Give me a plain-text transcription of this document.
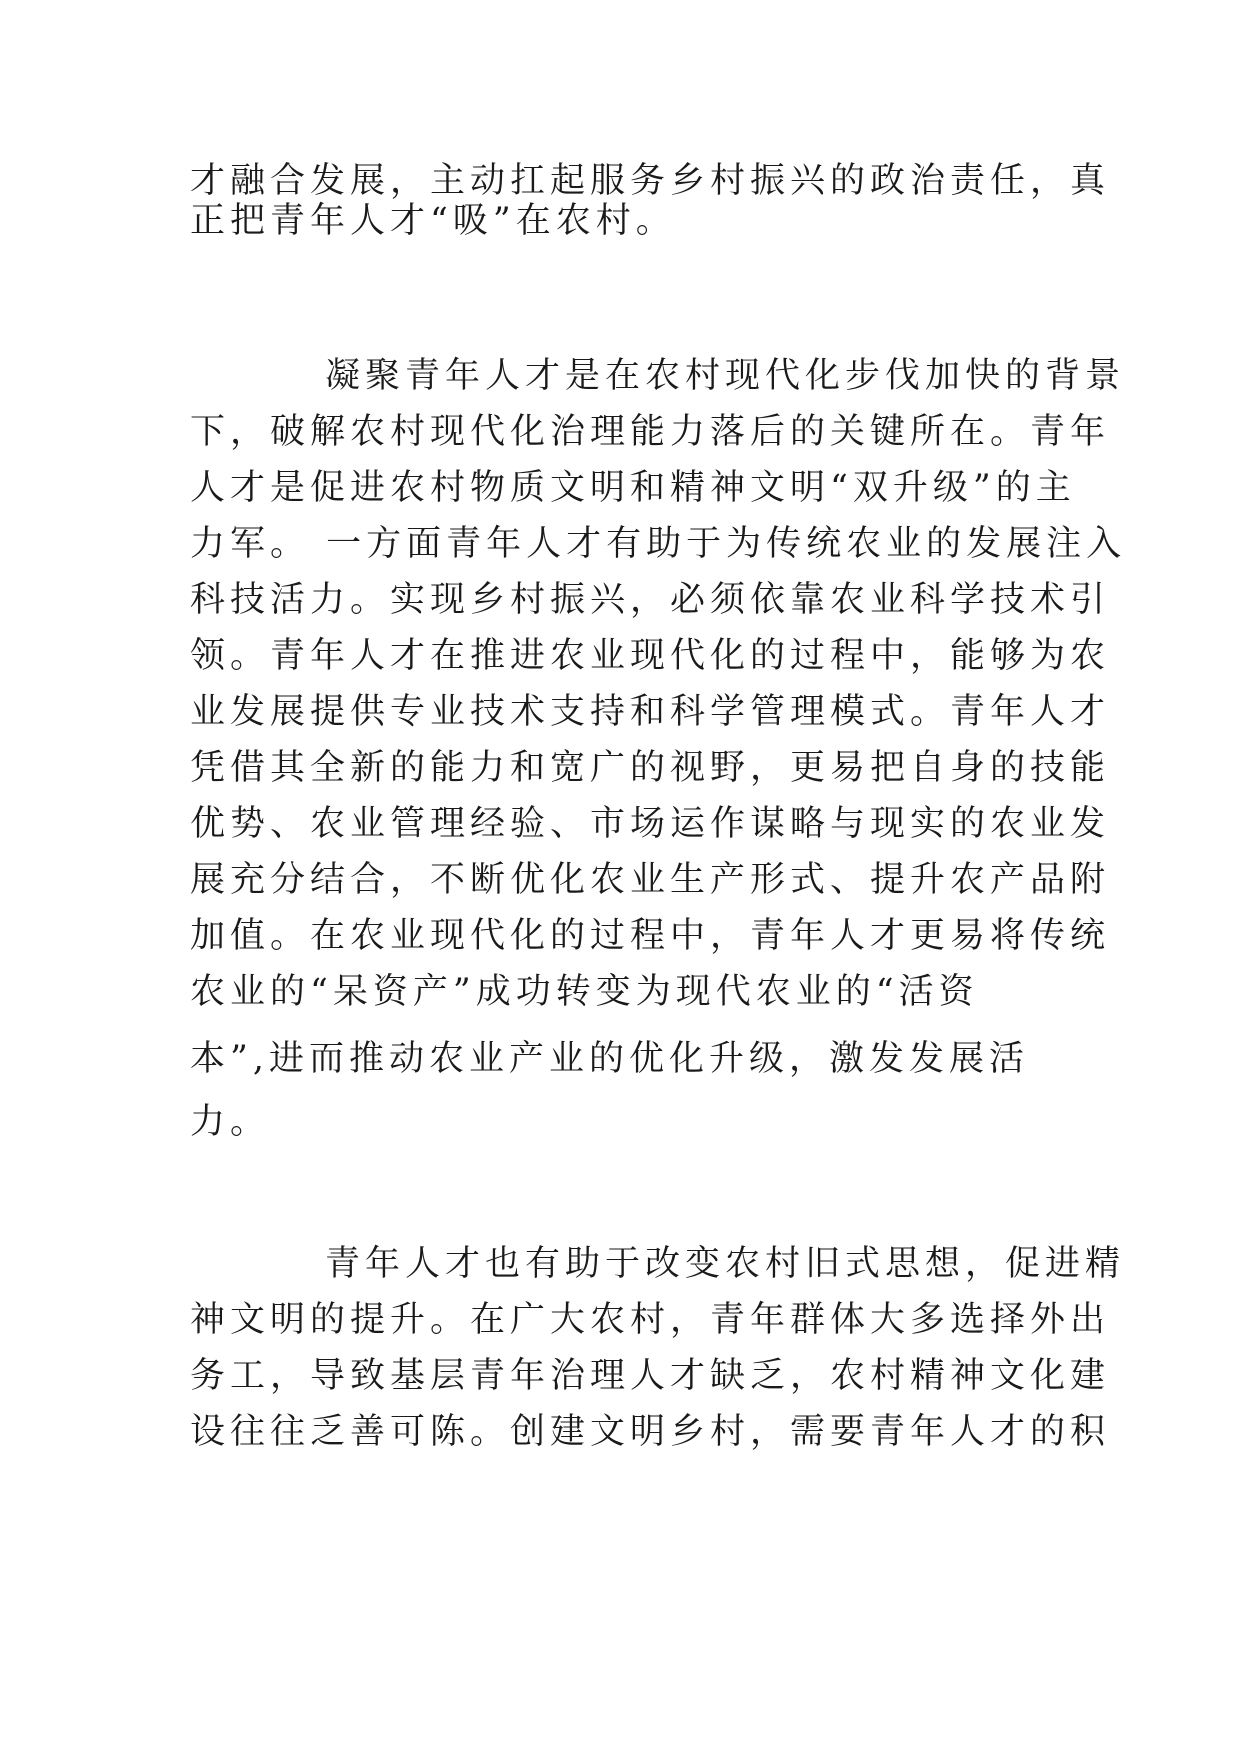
才融合发展，主动扛起服务乡村振兴的政治责任，真

正把青年人才“吸”在农村。

凝聚青年人才是在农村现代化步伐加快的背景

下，破解农村现代化治理能力落后的关键所在。青年

人才是促进农村物质文明和精神文明“双升级”的主

力军。 一方面青年人才有助于为传统农业的发展注入

科技活力。实现乡村振兴，必须依靠农业科学技术引

领。青年人才在推进农业现代化的过程中，能够为农

业发展提供专业技术支持和科学管理模式。青年人才

凭借其全新的能力和宽广的视野，更易把自身的技能

优势、农业管理经验、市场运作谋略与现实的农业发

展充分结合，不断优化农业生产形式、提升农产品附

加值。在农业现代化的过程中，青年人才更易将传统

农业的“呆资产”成功转变为现代农业的“活资

本”,进而推动农业产业的优化升级，激发发展活

力。

青年人才也有助于改变农村旧式思想，促进精

神文明的提升。在广大农村，青年群体大多选择外出

务工，导致基层青年治理人才缺乏，农村精神文化建

设往往乏善可陈。创建文明乡村，需要青年人才的积
